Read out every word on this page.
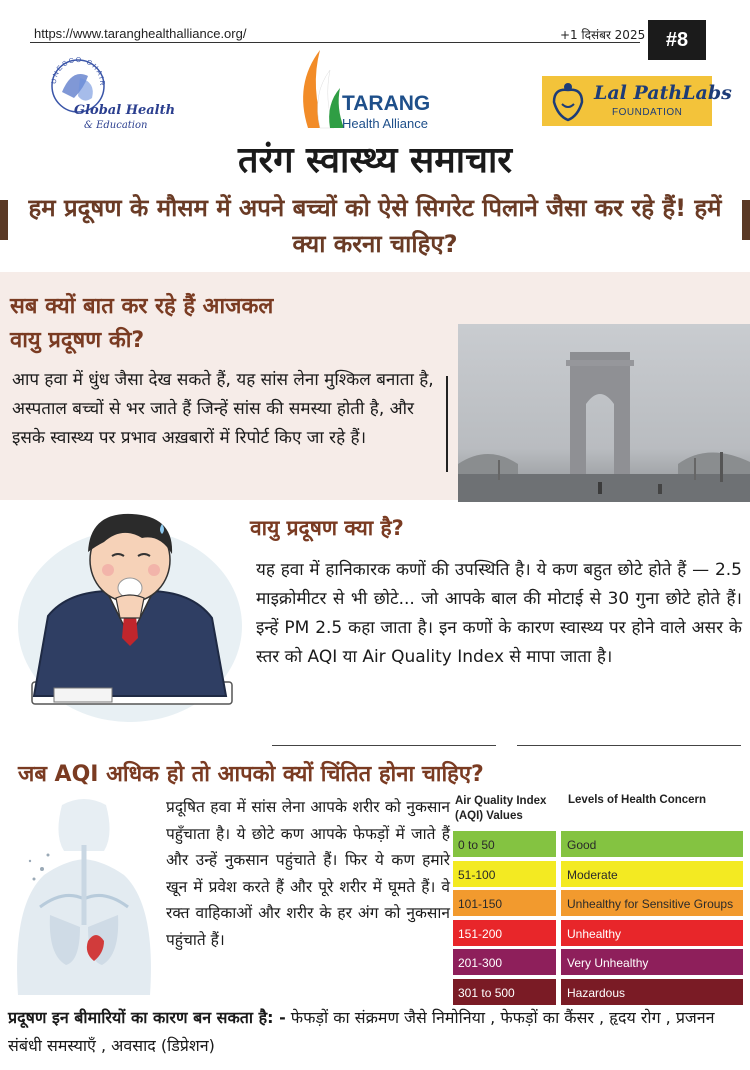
https://www.taranghealthalliance.org/	+1 दिसंबर 2025	#8
UNESCO CHAIR
Global Health
& Education
TARANG
Health Alliance
Lal PathLabs
FOUNDATION
तरंग स्वास्थ्य समाचार
हम प्रदूषण के मौसम में अपने बच्चों को ऐसे सिगरेट पिलाने जैसा कर रहे हैं! हमें क्या करना चाहिए?
सब क्यों बात कर रहे हैं आजकल
वायु प्रदूषण की?

आप हवा में धुंध जैसा देख सकते हैं, यह सांस लेना मुश्किल बनाता है, अस्पताल बच्चों से भर जाते हैं जिन्हें सांस की समस्या होती है, और इसके स्वास्थ्य पर प्रभाव अख़बारों में रिपोर्ट किए जा रहे हैं।

वायु प्रदूषण क्या है?

यह हवा में हानिकारक कणों की उपस्थिति है। ये कण बहुत छोटे होते हैं — 2.5 माइक्रोमीटर से भी छोटे... जो आपके बाल की मोटाई से 30 गुना छोटे होते हैं। इन्हें PM 2.5 कहा जाता है। इन कणों के कारण स्वास्थ्य पर होने वाले असर के स्तर को AQI या Air Quality Index से मापा जाता है।

जब AQI अधिक हो तो आपको क्यों चिंतित होना चाहिए?

प्रदूषित हवा में सांस लेना आपके शरीर को नुकसान पहुँचाता है। ये छोटे कण आपके फेफड़ों में जाते हैं और उन्हें नुकसान पहुंचाते हैं। फिर ये कण हमारे खून में प्रवेश करते हैं और पूरे शरीर में घूमते हैं। वे रक्त वाहिकाओं और शरीर के हर अंग को नुकसान पहुंचाते हैं।

Air Quality Index (AQI) Values
Levels of Health Concern
0 to 50	Good
51-100	Moderate
101-150	Unhealthy for Sensitive Groups
151-200	Unhealthy
201-300	Very Unhealthy
301 to 500	Hazardous

प्रदूषण इन बीमारियों का कारण बन सकता है: - फेफड़ों का संक्रमण जैसे निमोनिया , फेफड़ों का कैंसर , हृदय रोग , प्रजनन संबंधी समस्याएँ , अवसाद (डिप्रेशन)
